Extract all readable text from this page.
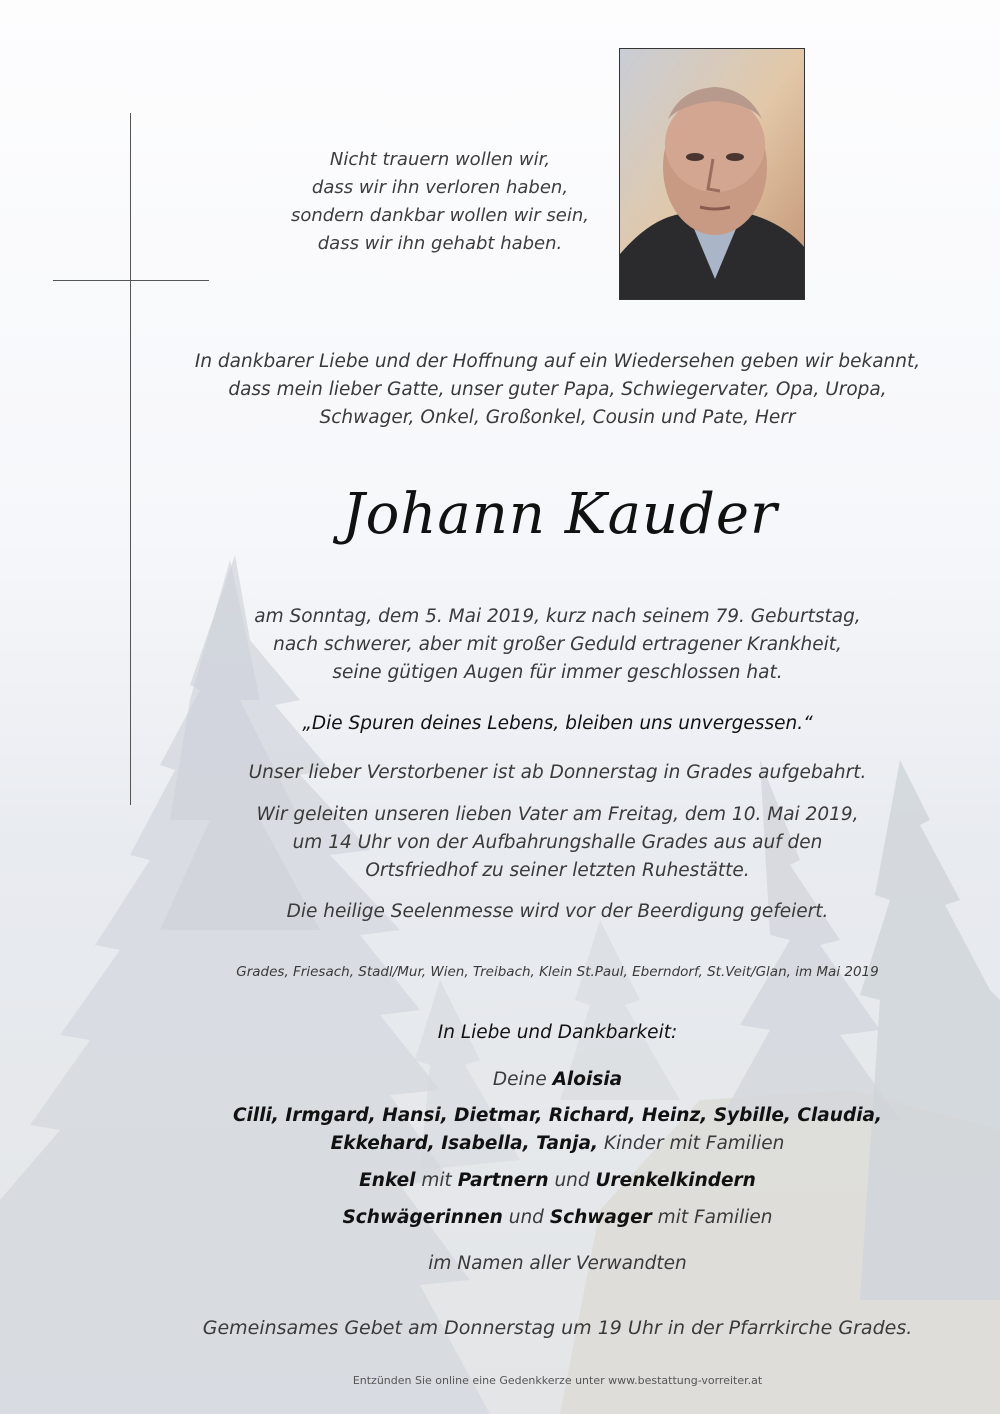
Nicht trauern wollen wir,
dass wir ihn verloren haben,
sondern dankbar wollen wir sein,
dass wir ihn gehabt haben.
In dankbarer Liebe und der Hoffnung auf ein Wiedersehen geben wir bekannt,
dass mein lieber Gatte, unser guter Papa, Schwiegervater, Opa, Uropa,
Schwager, Onkel, Großonkel, Cousin und Pate, Herr
Johann Kauder
am Sonntag, dem 5. Mai 2019, kurz nach seinem 79. Geburtstag,
nach schwerer, aber mit großer Geduld ertragener Krankheit,
seine gütigen Augen für immer geschlossen hat.
„Die Spuren deines Lebens, bleiben uns unvergessen.“
Unser lieber Verstorbener ist ab Donnerstag in Grades aufgebahrt.
Wir geleiten unseren lieben Vater am Freitag, dem 10. Mai 2019,
um 14 Uhr von der Aufbahrungshalle Grades aus auf den
Ortsfriedhof zu seiner letzten Ruhestätte.
Die heilige Seelenmesse wird vor der Beerdigung gefeiert.
Grades, Friesach, Stadl/Mur, Wien, Treibach, Klein St.Paul, Eberndorf, St.Veit/Glan, im Mai 2019
In Liebe und Dankbarkeit:
Deine Aloisia
Cilli, Irmgard, Hansi, Dietmar, Richard, Heinz, Sybille, Claudia,
Ekkehard, Isabella, Tanja, Kinder mit Familien
Enkel mit Partnern und Urenkelkindern
Schwägerinnen und Schwager mit Familien
im Namen aller Verwandten
Gemeinsames Gebet am Donnerstag um 19 Uhr in der Pfarrkirche Grades.
Entzünden Sie online eine Gedenkkerze unter www.bestattung-vorreiter.at
